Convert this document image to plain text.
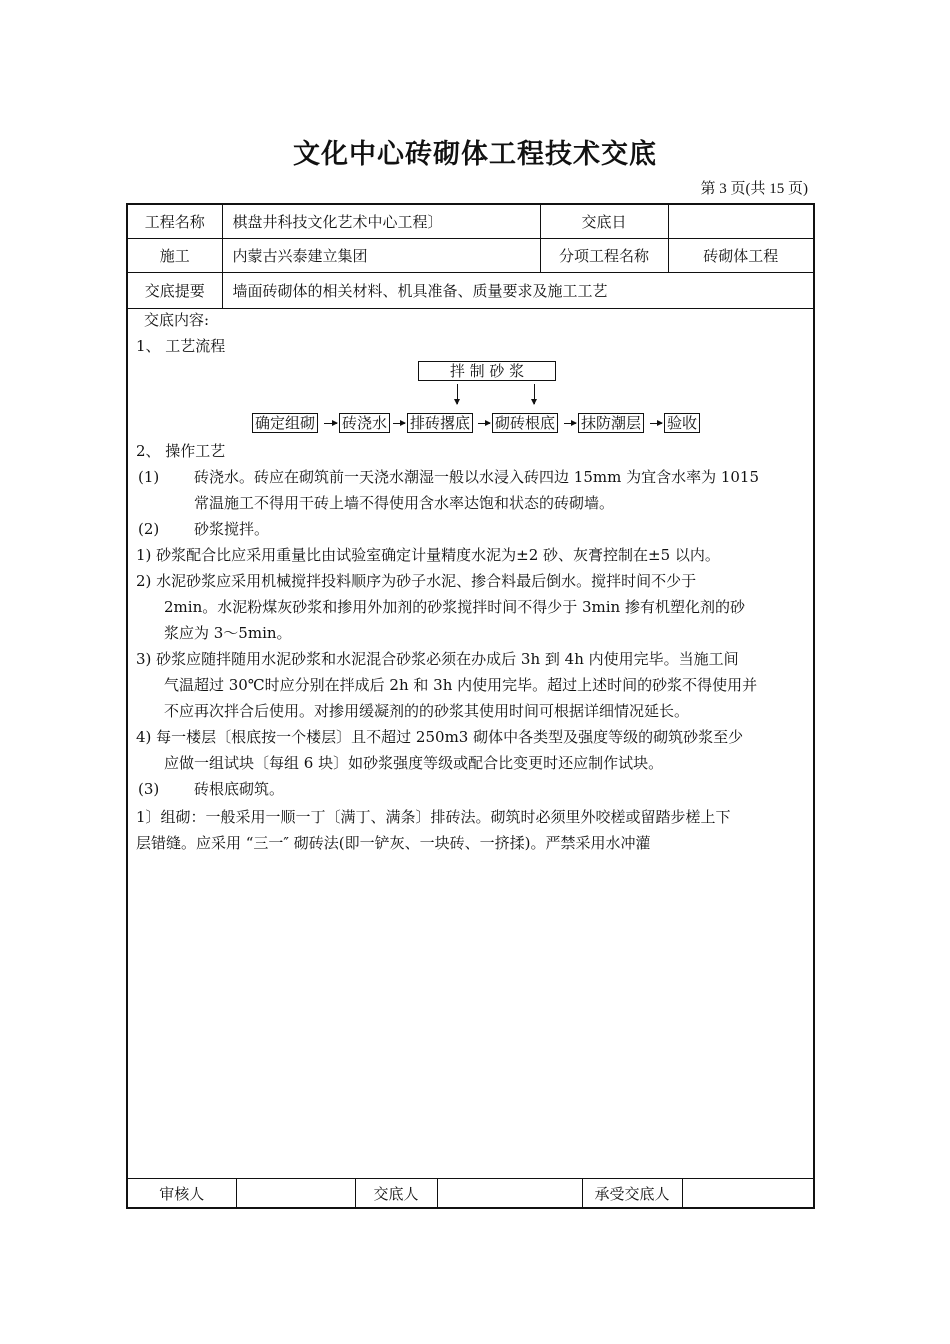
文化中心砖砌体工程技术交底
第 3 页(共 15 页)
工程名称	棋盘井科技文化艺术中心工程〕	交底日	
施工	内蒙古兴泰建立集团	分项工程名称	砖砌体工程
交底提要	墙面砖砌体的相关材料、机具准备、质量要求及施工工艺		
交底内容:
1、 工艺流程
拌 制 砂 浆
确定组砌 砖浇水 排砖撂底 砌砖根底 抹防潮层 验收
2、 操作工艺
(1) 砖浇水。砖应在砌筑前一天浇水潮湿一般以水浸入砖四边 15mm 为宜含水率为 1015
常温施工不得用干砖上墙不得使用含水率达饱和状态的砖砌墙。
(2) 砂浆搅拌。
1) 砂浆配合比应采用重量比由试验室确定计量精度水泥为±2 砂、灰膏控制在±5 以内。
2) 水泥砂浆应采用机械搅拌投料顺序为砂子水泥、掺合料最后倒水。搅拌时间不少于
2min。水泥粉煤灰砂浆和掺用外加剂的砂浆搅拌时间不得少于 3min 掺有机塑化剂的砂
浆应为 3～5min。
3) 砂浆应随拌随用水泥砂浆和水泥混合砂浆必须在办成后 3h 到 4h 内使用完毕。当施工间
气温超过 30℃时应分别在拌成后 2h 和 3h 内使用完毕。超过上述时间的砂浆不得使用并
不应再次拌合后使用。对掺用缓凝剂的的砂浆其使用时间可根据详细情况延长。
4) 每一楼层〔根底按一个楼层〕且不超过 250m3 砌体中各类型及强度等级的砌筑砂浆至少
应做一组试块〔每组 6 块〕如砂浆强度等级或配合比变更时还应制作试块。
(3) 砖根底砌筑。
1〕组砌：一般采用一顺一丁〔满丁、满条〕排砖法。砌筑时必须里外咬槎或留踏步槎上下
层错缝。应采用 “三一″ 砌砖法(即一铲灰、一块砖、一挤揉)。严禁采用水冲灌
审核人		交底人		承受交底人	
